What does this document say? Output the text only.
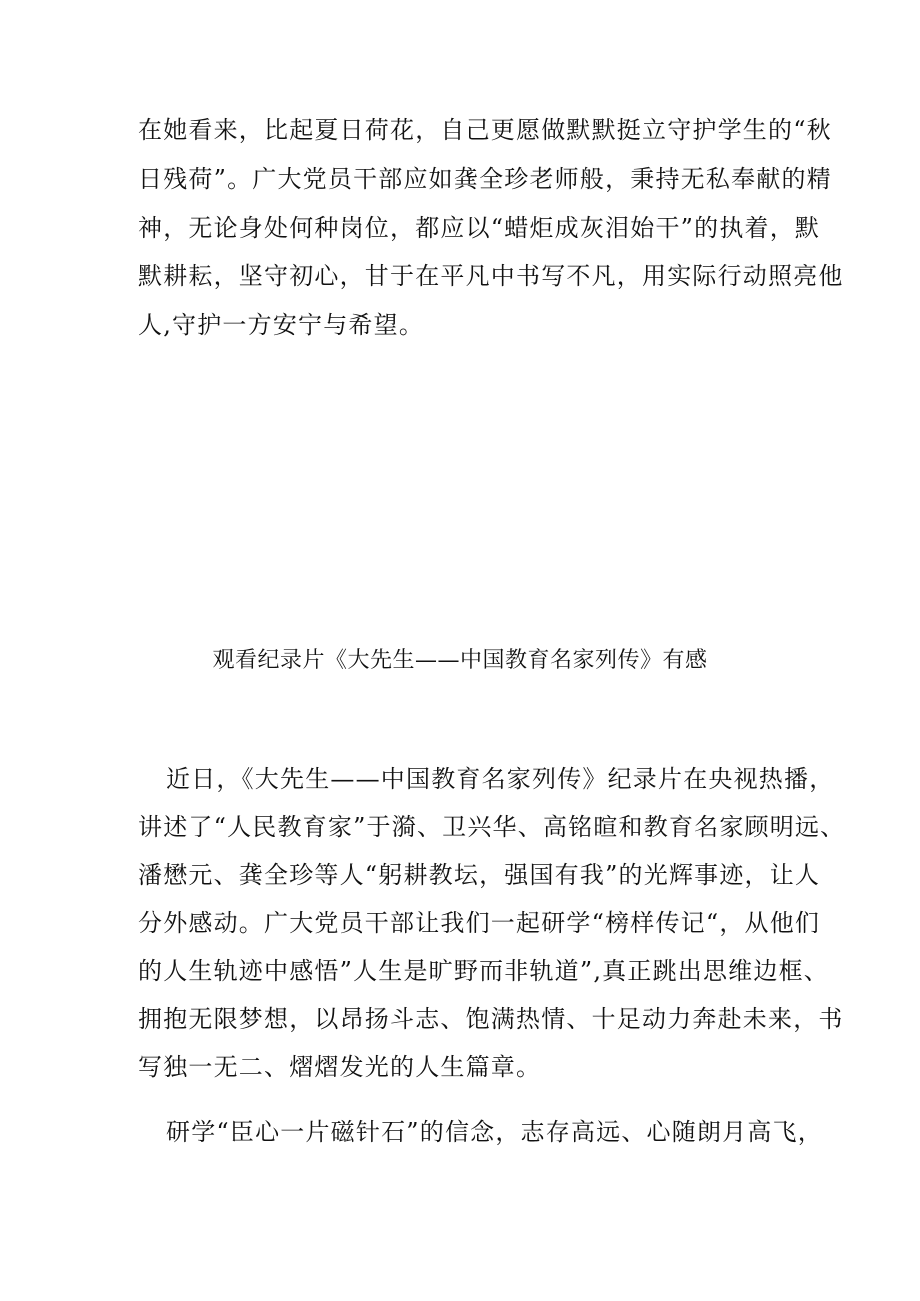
在她看来，比起夏日荷花，自己更愿做默默挺立守护学生的“秋
日残荷”。广大党员干部应如龚全珍老师般，秉持无私奉献的精
神，无论身处何种岗位，都应以“蜡炬成灰泪始干”的执着，默
默耕耘，坚守初心，甘于在平凡中书写不凡，用实际行动照亮他
人,守护一方安宁与希望。
观看纪录片《大先生——中国教育名家列传》有感
近日，《大先生——中国教育名家列传》纪录片在央视热播，
讲述了“人民教育家”于漪、卫兴华、高铭暄和教育名家顾明远、
潘懋元、龚全珍等人“躬耕教坛，强国有我”的光辉事迹，让人
分外感动。广大党员干部让我们一起研学“榜样传记“，从他们
的人生轨迹中感悟”人生是旷野而非轨道”,真正跳出思维边框、
拥抱无限梦想，以昂扬斗志、饱满热情、十足动力奔赴未来，书
写独一无二、熠熠发光的人生篇章。
研学“臣心一片磁针石”的信念，志存高远、心随朗月高飞，
